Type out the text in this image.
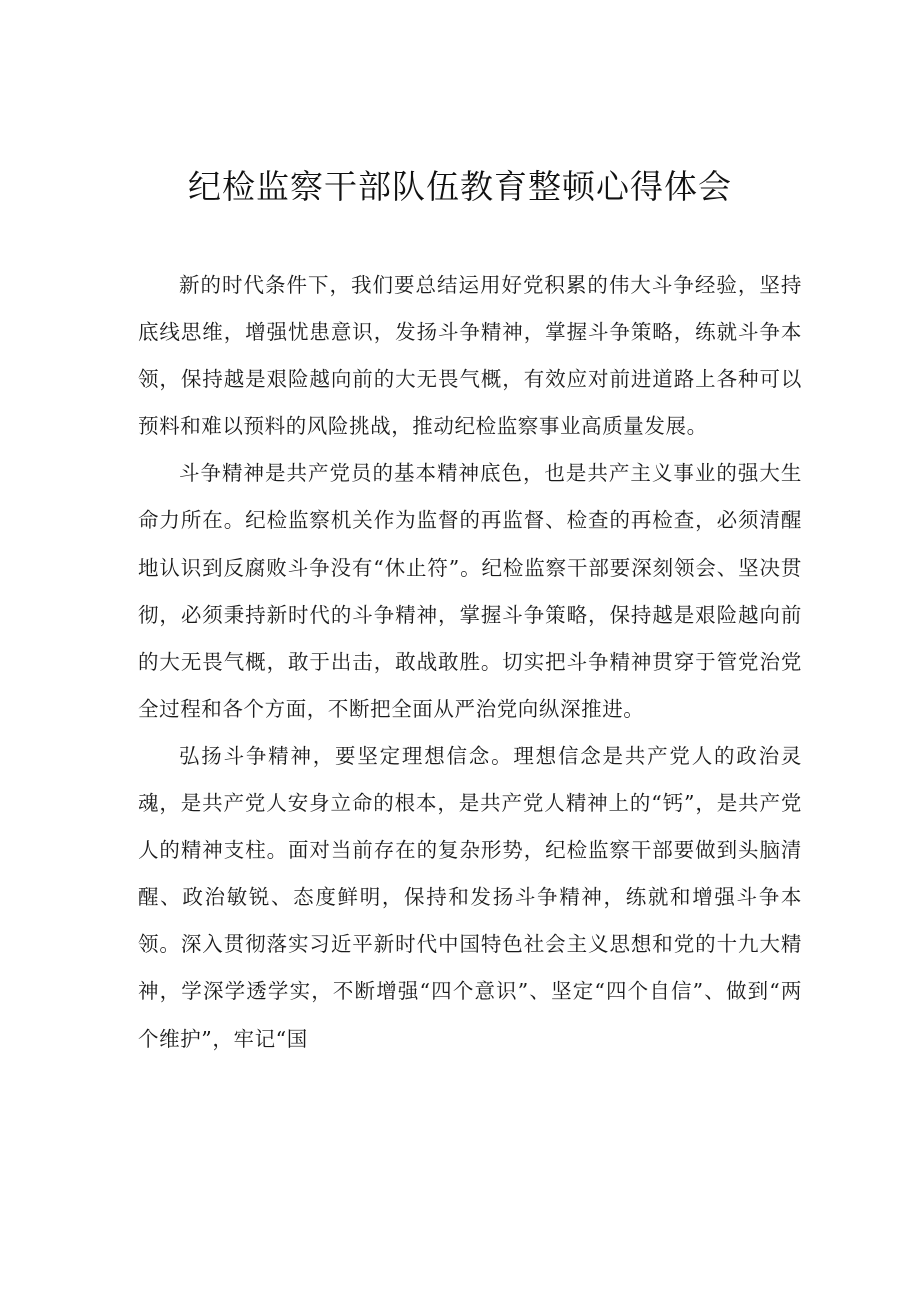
纪检监察干部队伍教育整顿心得体会

新的时代条件下，我们要总结运用好党积累的伟大斗争经验，坚持底线思维，增强忧患意识，发扬斗争精神，掌握斗争策略，练就斗争本领，保持越是艰险越向前的大无畏气概，有效应对前进道路上各种可以预料和难以预料的风险挑战，推动纪检监察事业高质量发展。

斗争精神是共产党员的基本精神底色，也是共产主义事业的强大生命力所在。纪检监察机关作为监督的再监督、检查的再检查，必须清醒地认识到反腐败斗争没有“休止符”。纪检监察干部要深刻领会、坚决贯彻，必须秉持新时代的斗争精神，掌握斗争策略，保持越是艰险越向前的大无畏气概，敢于出击，敢战敢胜。切实把斗争精神贯穿于管党治党全过程和各个方面，不断把全面从严治党向纵深推进。

弘扬斗争精神，要坚定理想信念。理想信念是共产党人的政治灵魂，是共产党人安身立命的根本，是共产党人精神上的“钙”，是共产党人的精神支柱。面对当前存在的复杂形势，纪检监察干部要做到头脑清醒、政治敏锐、态度鲜明，保持和发扬斗争精神，练就和增强斗争本领。深入贯彻落实习近平新时代中国特色社会主义思想和党的十九大精神，学深学透学实，不断增强“四个意识”、坚定“四个自信”、做到“两个维护”，牢记“国
